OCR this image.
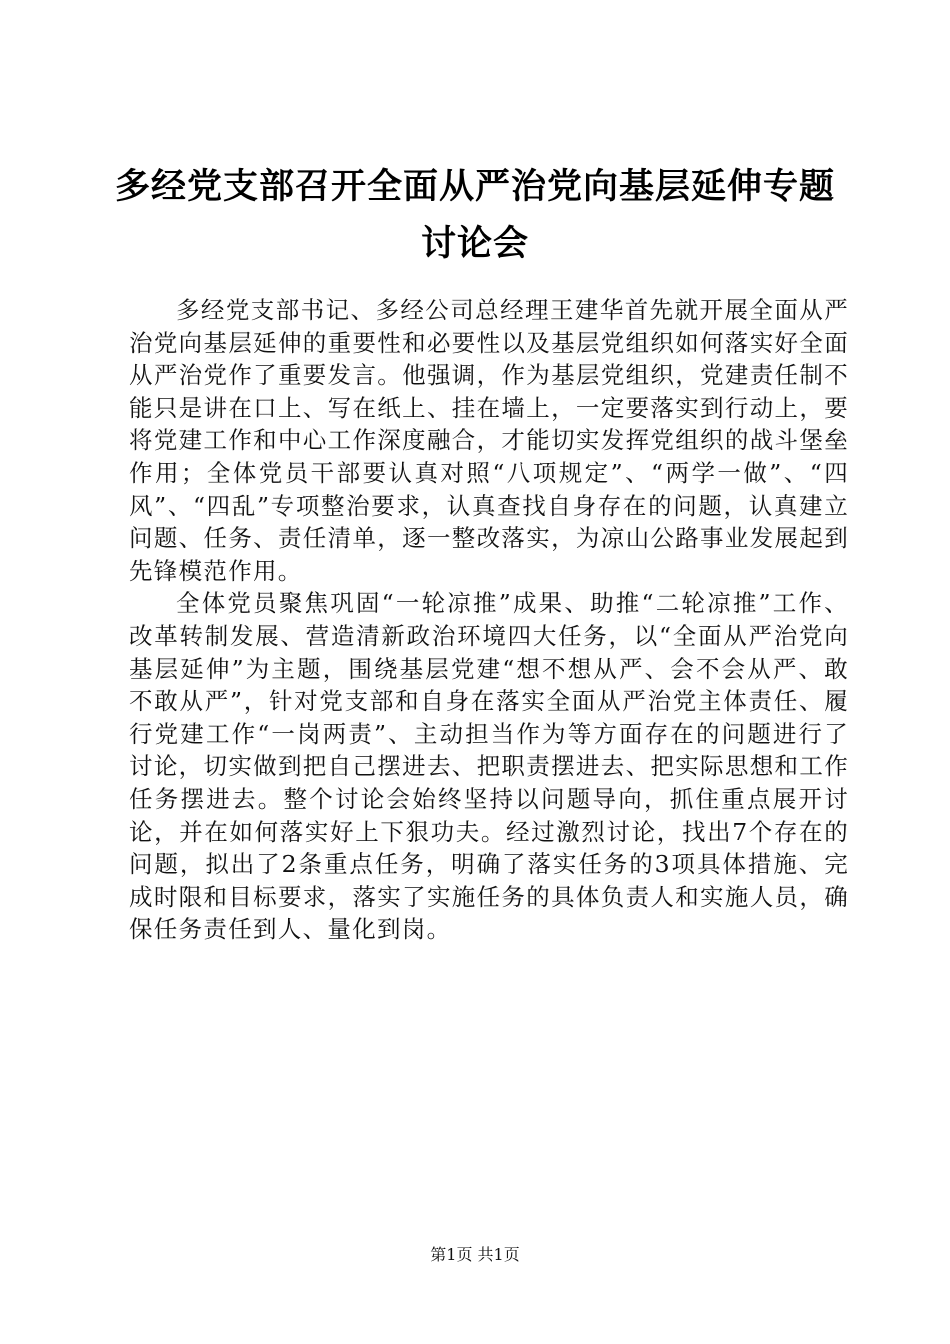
多经党支部召开全面从严治党向基层延伸专题讨论会

多经党支部书记、多经公司总经理王建华首先就开展全面从严治党向基层延伸的重要性和必要性以及基层党组织如何落实好全面从严治党作了重要发言。他强调，作为基层党组织，党建责任制不能只是讲在口上、写在纸上、挂在墙上，一定要落实到行动上，要将党建工作和中心工作深度融合，才能切实发挥党组织的战斗堡垒作用；全体党员干部要认真对照“八项规定”、“两学一做”、“四风”、“四乱”专项整治要求，认真查找自身存在的问题，认真建立问题、任务、责任清单，逐一整改落实，为凉山公路事业发展起到先锋模范作用。

全体党员聚焦巩固“一轮凉推”成果、助推“二轮凉推”工作、改革转制发展、营造清新政治环境四大任务，以“全面从严治党向基层延伸”为主题，围绕基层党建“想不想从严、会不会从严、敢不敢从严”，针对党支部和自身在落实全面从严治党主体责任、履行党建工作“一岗两责”、主动担当作为等方面存在的问题进行了讨论，切实做到把自己摆进去、把职责摆进去、把实际思想和工作任务摆进去。整个讨论会始终坚持以问题导向，抓住重点展开讨论，并在如何落实好上下狠功夫。经过激烈讨论，找出7个存在的问题，拟出了2条重点任务，明确了落实任务的3项具体措施、完成时限和目标要求，落实了实施任务的具体负责人和实施人员，确保任务责任到人、量化到岗。

第1页 共1页
